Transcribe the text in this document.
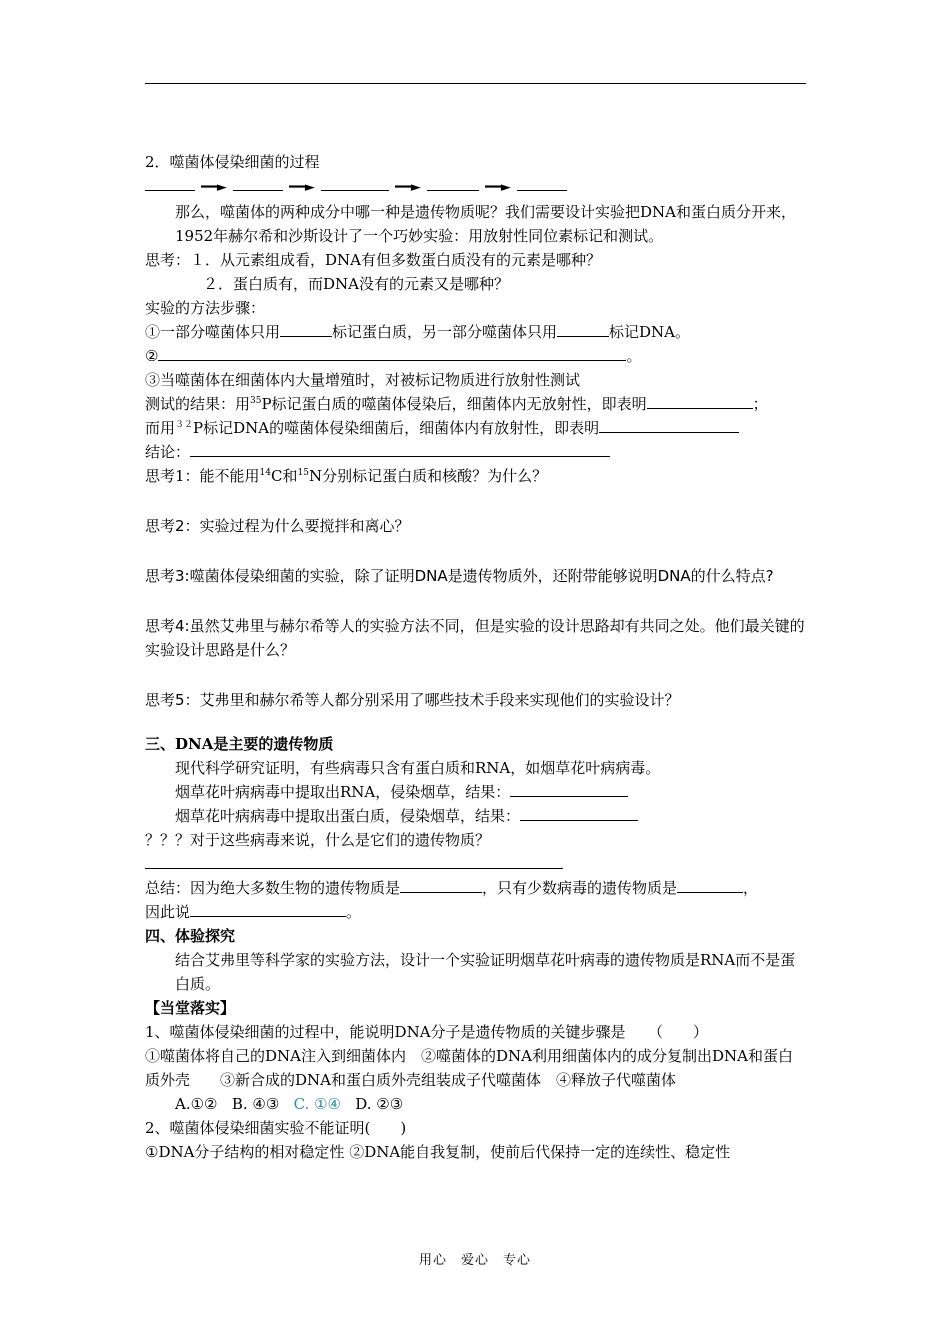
2．噬菌体侵染细菌的过程
━━►	━━►	━━►	━━►
那么，噬菌体的两种成分中哪一种是遗传物质呢？我们需要设计实验把DNA和蛋白质分开来，1952年赫尔希和沙斯设计了一个巧妙实验：用放射性同位素标记和测试。
思考：１．从元素组成看，DNA有但多数蛋白质没有的元素是哪种？
２．蛋白质有，而DNA没有的元素又是哪种？
实验的方法步骤：
①一部分噬菌体只用	标记蛋白质，另一部分噬菌体只用	标记DNA。
②	。
③当噬菌体在细菌体内大量增殖时，对被标记物质进行放射性测试
测试的结果：用$^{35}$P标记蛋白质的噬菌体侵染后，细菌体内无放射性，即表明	；
而用$^{32}$P标记DNA的噬菌体侵染细菌后，细菌体内有放射性，即表明
结论：
思考1：能不能用$^{14}$C和$^{15}$N分别标记蛋白质和核酸？为什么？
思考2：实验过程为什么要搅拌和离心？
思考3:噬菌体侵染细菌的实验，除了证明DNA是遗传物质外，还附带能够说明DNA的什么特点?
思考4:虽然艾弗里与赫尔希等人的实验方法不同，但是实验的设计思路却有共同之处。他们最关键的实验设计思路是什么？
思考5：艾弗里和赫尔希等人都分别采用了哪些技术手段来实现他们的实验设计？
三、DNA是主要的遗传物质
现代科学研究证明，有些病毒只含有蛋白质和RNA，如烟草花叶病病毒。
烟草花叶病病毒中提取出RNA，侵染烟草，结果：
烟草花叶病病毒中提取出蛋白质，侵染烟草，结果：
？？？对于这些病毒来说，什么是它们的遗传物质？
总结：因为绝大多数生物的遗传物质是	，只有少数病毒的遗传物质是	，
因此说	。
四、体验探究
结合艾弗里等科学家的实验方法，设计一个实验证明烟草花叶病毒的遗传物质是RNA而不是蛋白质。
【当堂落实】
1、噬菌体侵染细菌的过程中，能说明DNA分子是遗传物质的关键步骤是　　（　　）
①噬菌体将自己的DNA注入到细菌体内　②噬菌体的DNA利用细菌体内的成分复制出DNA和蛋白质外壳　　③新合成的DNA和蛋白质外壳组装成子代噬菌体　④释放子代噬菌体
A.①② B. ④③ C. ①④ D. ②③
2、噬菌体侵染细菌实验不能证明(　　)
①DNA分子结构的相对稳定性 ②DNA能自我复制，使前后代保持一定的连续性、稳定性
用心　爱心　专心
